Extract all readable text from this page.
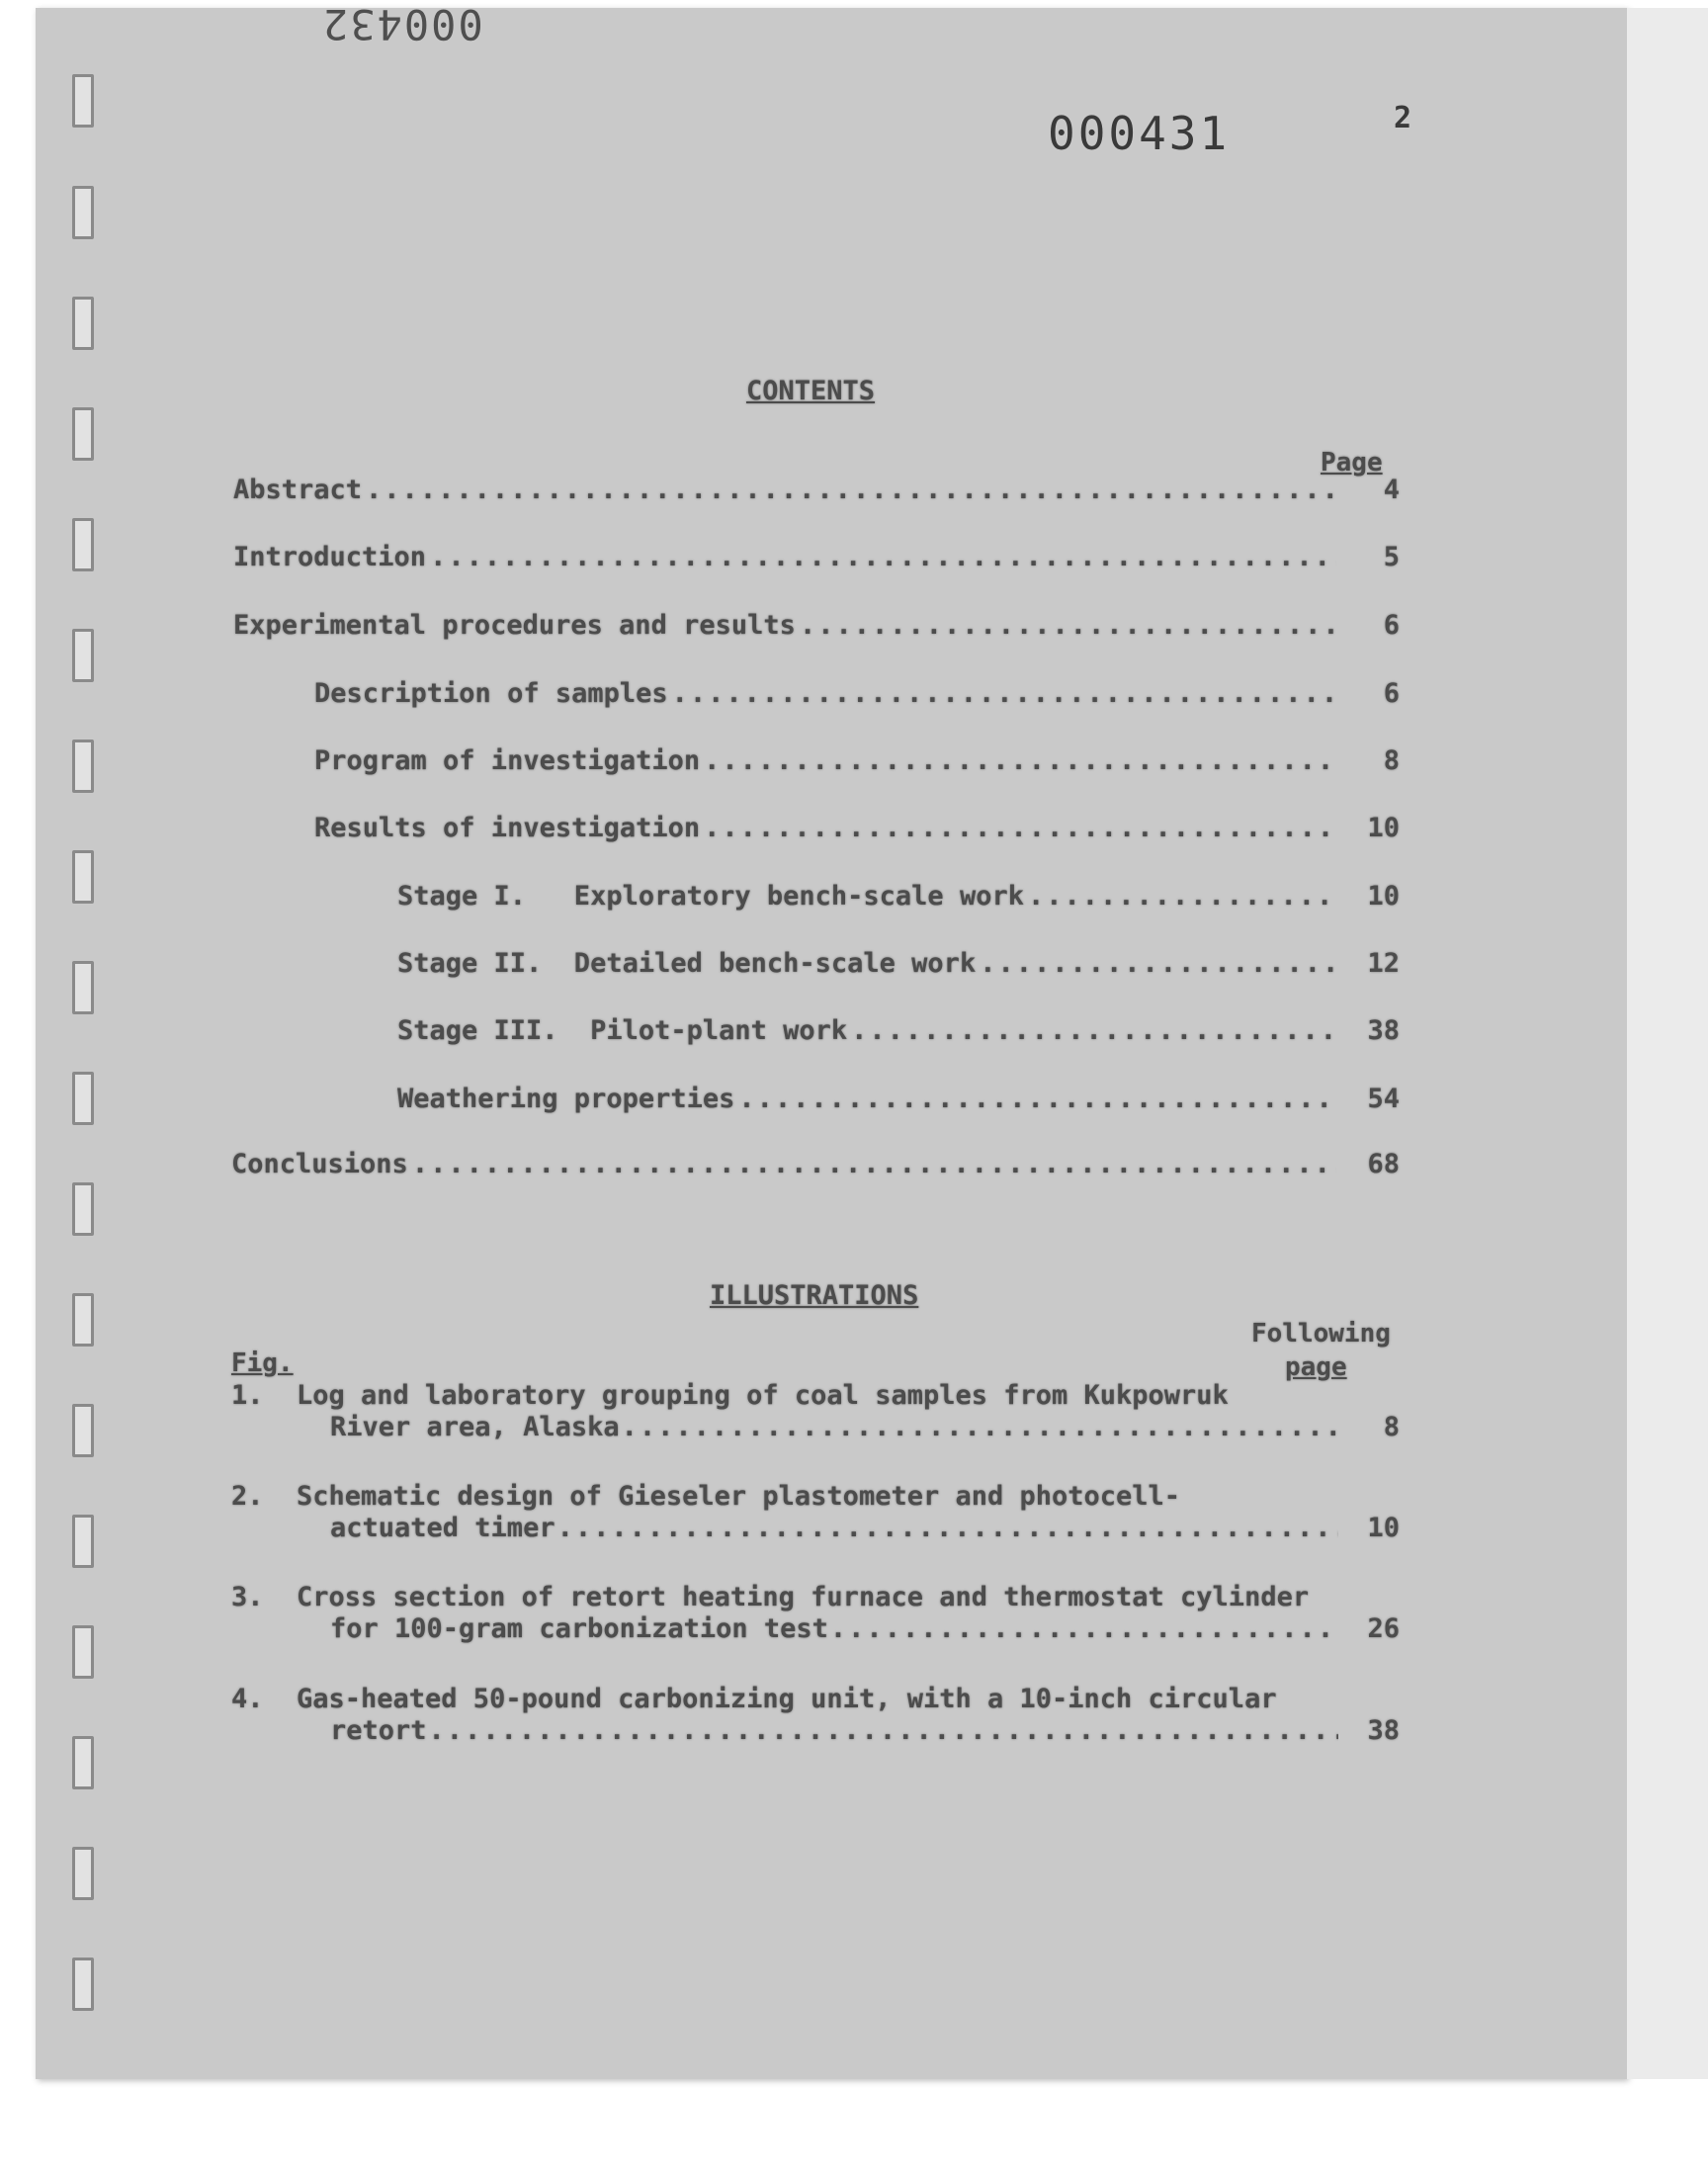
000432
000431	2
CONTENTS
Page
Abstract .....	4
Introduction .....	5
Experimental procedures and results .....	6
Description of samples .....	6
Program of investigation .....	8
Results of investigation .....	10
Stage I.   Exploratory bench-scale work .....	10
Stage II.  Detailed bench-scale work .....	12
Stage III.  Pilot-plant work .....	38
Weathering properties .....	54
Conclusions .....	68
ILLUSTRATIONS
Following
page
Fig.
1. Log and laboratory grouping of coal samples from Kukpowruk
River area, Alaska .....	8
2. Schematic design of Gieseler plastometer and photocell-
actuated timer .....	10
3. Cross section of retort heating furnace and thermostat cylinder
for 100-gram carbonization test .....	26
4. Gas-heated 50-pound carbonizing unit, with a 10-inch circular
retort .....	38
